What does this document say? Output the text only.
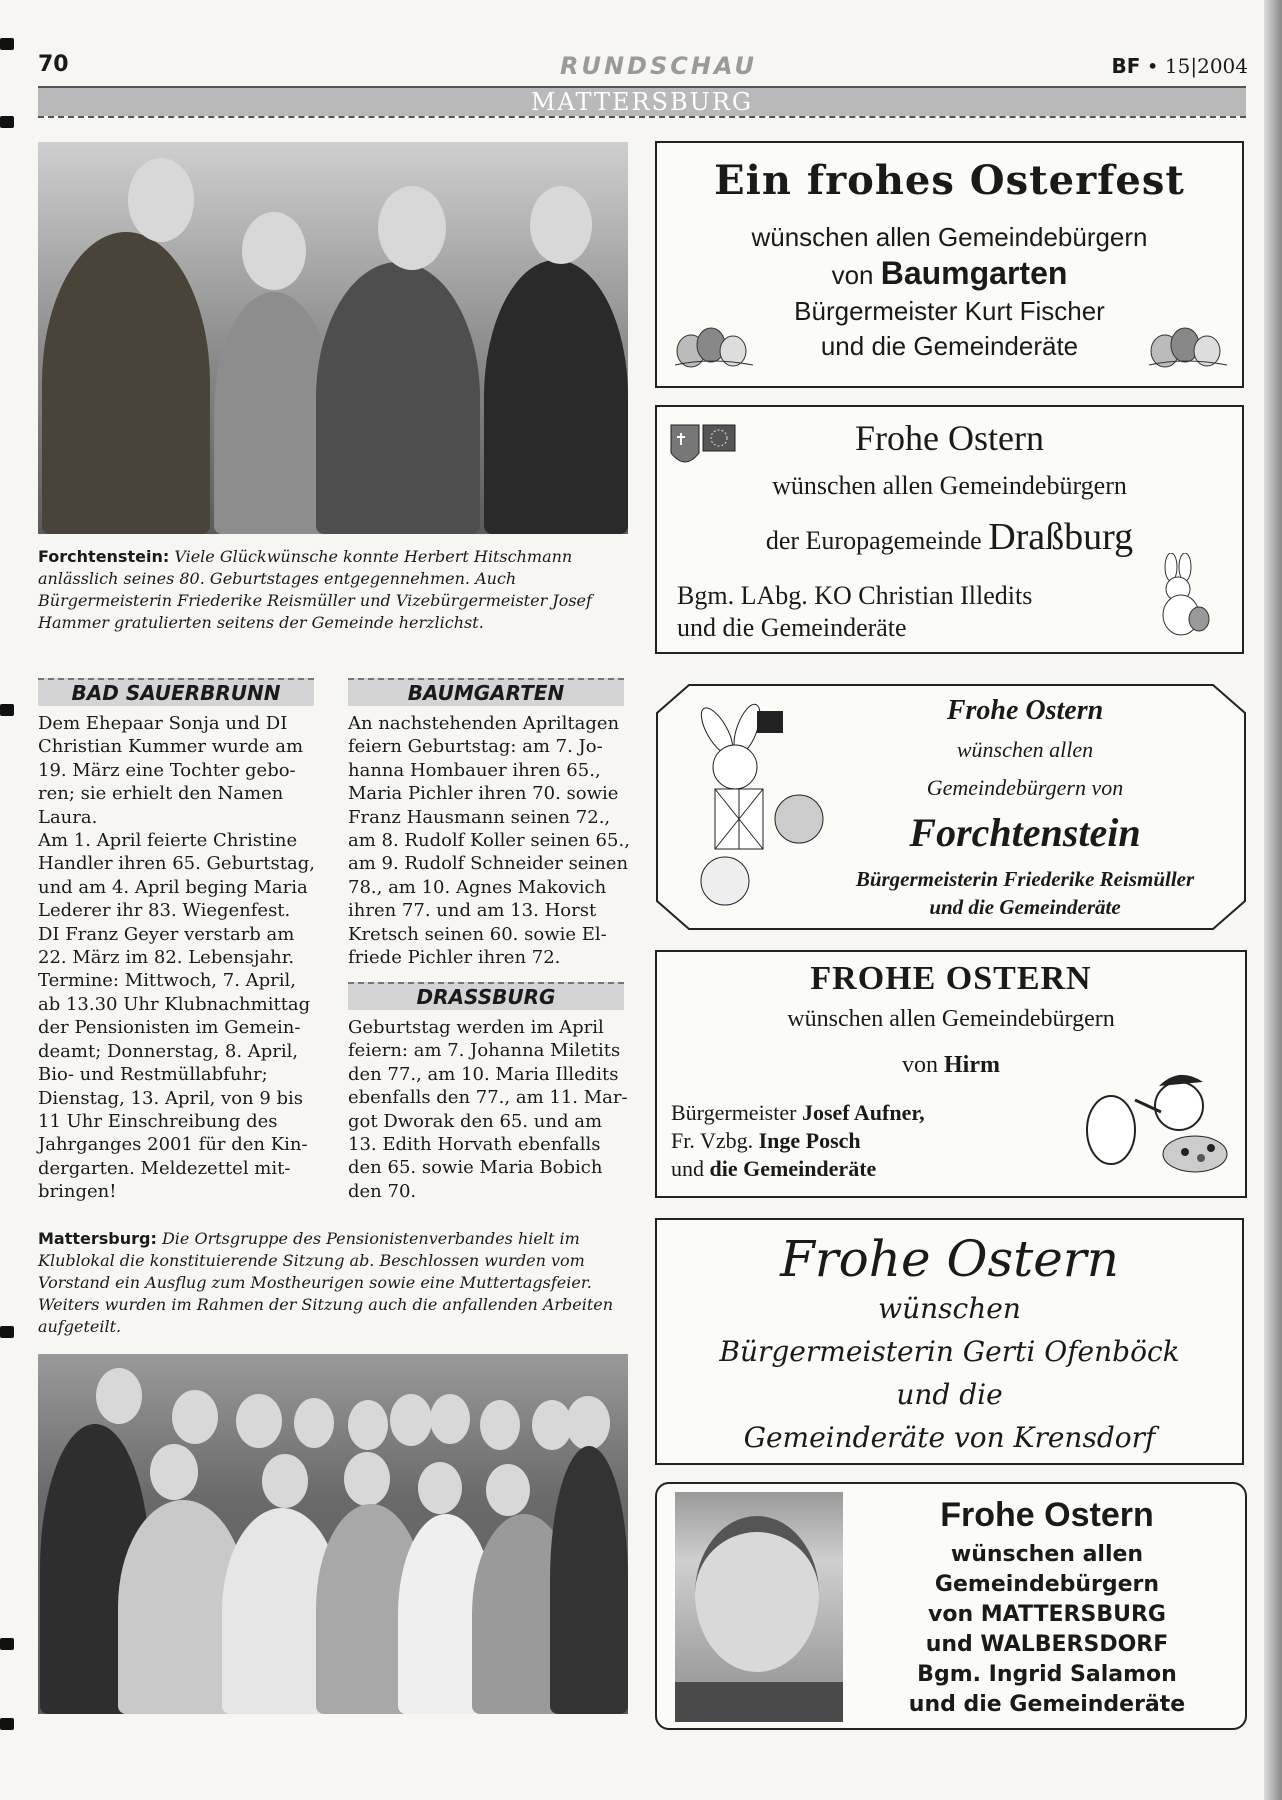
70	RUNDSCHAU	BF • 15|2004
MATTERSBURG
Forchtenstein: Viele Glückwünsche konnte Herbert Hitschmann anlässlich seines 80. Geburtstages entgegennehmen. Auch Bürgermeisterin Friederike Reismüller und Vizebürgermeister Josef Hammer gratulierten seitens der Gemeinde herzlichst.
BAD SAUERBRUNN

Dem Ehepaar Sonja und DI

Christian Kummer wurde am

19. März eine Tochter gebo-

ren; sie erhielt den Namen

Laura.

Am 1. April feierte Christine

Handler ihren 65. Geburtstag,

und am 4. April beging Maria

Lederer ihr 83. Wiegenfest.

DI Franz Geyer verstarb am

22. März im 82. Lebensjahr.

Termine: Mittwoch, 7. April,

ab 13.30 Uhr Klubnachmittag

der Pensionisten im Gemein-

deamt; Donnerstag, 8. April,

Bio- und Restmüllabfuhr;

Dienstag, 13. April, von 9 bis

11 Uhr Einschreibung des

Jahrganges 2001 für den Kin-

dergarten. Meldezettel mit-

bringen!

BAUMGARTEN

An nachstehenden Apriltagen

feiern Geburtstag: am 7. Jo-

hanna Hombauer ihren 65.,

Maria Pichler ihren 70. sowie

Franz Hausmann seinen 72.,

am 8. Rudolf Koller seinen 65.,

am 9. Rudolf Schneider seinen

78., am 10. Agnes Makovich

ihren 77. und am 13. Horst

Kretsch seinen 60. sowie El-

friede Pichler ihren 72.

DRASSBURG

Geburtstag werden im April

feiern: am 7. Johanna Miletits

den 77., am 10. Maria Illedits

ebenfalls den 77., am 11. Mar-

got Dworak den 65. und am

13. Edith Horvath ebenfalls

den 65. sowie Maria Bobich

den 70.

Mattersburg: Die Ortsgruppe des Pensionistenverbandes hielt im Klublokal die konstituierende Sitzung ab. Beschlossen wurden vom Vorstand ein Ausflug zum Mostheurigen sowie eine Muttertagsfeier. Weiters wurden im Rahmen der Sitzung auch die anfallenden Arbeiten aufgeteilt.
Ein frohes Osterfest
wünschen allen Gemeindebürgern
von Baumgarten
Bürgermeister Kurt Fischer
und die Gemeinderäte
Frohe Ostern
wünschen allen Gemeindebürgern
der Europagemeinde Draßburg
Bgm. LAbg. KO Christian Illedits
und die Gemeinderäte
Frohe Ostern
wünschen allen
Gemeindebürgern von
Forchtenstein
Bürgermeisterin Friederike Reismüller
und die Gemeinderäte
FROHE OSTERN
wünschen allen Gemeindebürgern
von Hirm
Bürgermeister Josef Aufner,
Fr. Vzbg. Inge Posch
und die Gemeinderäte
Frohe Ostern
wünschen
Bürgermeisterin Gerti Ofenböck
und die
Gemeinderäte von Krensdorf
Frohe Ostern
wünschen allen
Gemeindebürgern
von MATTERSBURG
und WALBERSDORF
Bgm. Ingrid Salamon
und die Gemeinderäte
